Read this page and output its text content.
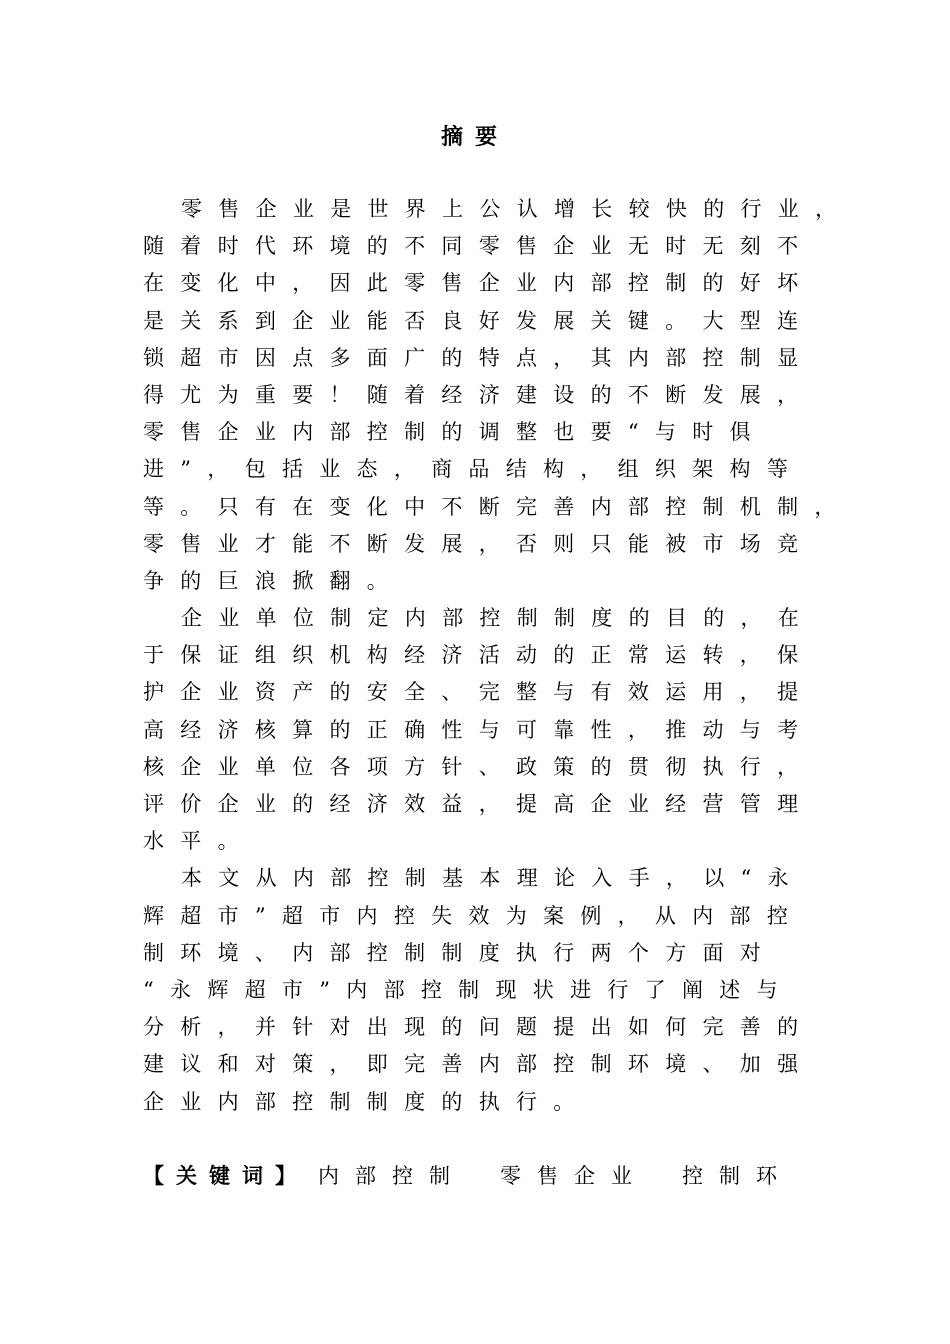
摘要
零售企业是世界上公认增长较快的行业，
随着时代环境的不同零售企业无时无刻不
在变化中，因此零售企业内部控制的好坏
是关系到企业能否良好发展关键。大型连
锁超市因点多面广的特点，其内部控制显
得尤为重要！随着经济建设的不断发展，
零售企业内部控制的调整也要“与时俱
进”，包括业态，商品结构，组织架构等
等。只有在变化中不断完善内部控制机制，
零售业才能不断发展，否则只能被市场竞
争的巨浪掀翻。
企业单位制定内部控制制度的目的，在
于保证组织机构经济活动的正常运转，保
护企业资产的安全、完整与有效运用，提
高经济核算的正确性与可靠性，推动与考
核企业单位各项方针、政策的贯彻执行，
评价企业的经济效益，提高企业经营管理
水平。
本文从内部控制基本理论入手，以“永
辉超市”超市内控失效为案例，从内部控
制环境、内部控制制度执行两个方面对
“永辉超市”内部控制现状进行了阐述与
分析，并针对出现的问题提出如何完善的
建议和对策，即完善内部控制环境、加强
企业内部控制制度的执行。
【关键词】 内部控制 零售企业 控制环
